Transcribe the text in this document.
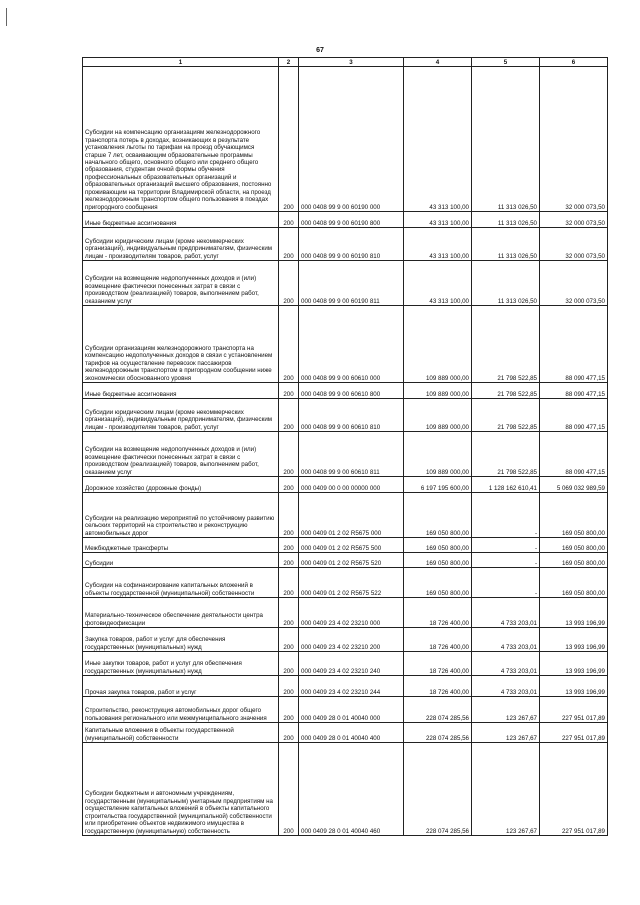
67
1	2	3	4	5	6
Субсидии на компенсацию организациям железнодорожного транспорта потерь в доходах, возникающих в результате установления льготы по тарифам на проезд обучающимся старше 7 лет, осваивающим образовательные программы начального общего, основного общего или среднего общего образования, студентам очной формы обучения профессиональных образовательных организаций и образовательных организаций высшего образования, постоянно проживающим на территории Владимирской области, на проезд железнодорожным транспортом общего пользования в поездах пригородного сообщения	200	000 0408 99 9 00 60190 000	43 313 100,00	11 313 026,50	32 000 073,50
Иные бюджетные ассигнования	200	000 0408 99 9 00 60190 800	43 313 100,00	11 313 026,50	32 000 073,50
Субсидии юридическим лицам (кроме некоммерческих организаций), индивидуальным предпринимателям, физическим лицам - производителям товаров, работ, услуг	200	000 0408 99 9 00 60190 810	43 313 100,00	11 313 026,50	32 000 073,50
Субсидии на возмещение недополученных доходов и (или) возмещение фактически понесенных затрат в связи с производством (реализацией) товаров, выполнением работ, оказанием услуг	200	000 0408 99 9 00 60190 811	43 313 100,00	11 313 026,50	32 000 073,50
Субсидии организациям железнодорожного транспорта на компенсацию недополученных доходов в связи с установлением тарифов на осуществление перевозок пассажиров железнодорожным транспортом в пригородном сообщении ниже экономически обоснованного уровня	200	000 0408 99 9 00 60610 000	109 889 000,00	21 798 522,85	88 090 477,15
Иные бюджетные ассигнования	200	000 0408 99 9 00 60610 800	109 889 000,00	21 798 522,85	88 090 477,15
Субсидии юридическим лицам (кроме некоммерческих организаций), индивидуальным предпринимателям, физическим лицам - производителям товаров, работ, услуг	200	000 0408 99 9 00 60610 810	109 889 000,00	21 798 522,85	88 090 477,15
Субсидии на возмещение недополученных доходов и (или) возмещение фактически понесенных затрат в связи с производством (реализацией) товаров, выполнением работ, оказанием услуг	200	000 0408 99 9 00 60610 811	109 889 000,00	21 798 522,85	88 090 477,15
Дорожное хозяйство (дорожные фонды)	200	000 0409 00 0 00 00000 000	6 197 195 600,00	1 128 162 610,41	5 069 032 989,59
Субсидии на реализацию мероприятий по устойчивому развитию сельских территорий на строительство и реконструкцию автомобильных дорог	200	000 0409 01 2 02 R5675 000	169 050 800,00	-	169 050 800,00
Межбюджетные трансферты	200	000 0409 01 2 02 R5675 500	169 050 800,00	-	169 050 800,00
Субсидии	200	000 0409 01 2 02 R5675 520	169 050 800,00	-	169 050 800,00
Субсидии на софинансирование капитальных вложений в объекты государственной (муниципальной) собственности	200	000 0409 01 2 02 R5675 522	169 050 800,00	-	169 050 800,00
Материально-техническое обеспечение деятельности центра фотовидеофиксации	200	000 0409 23 4 02 23210 000	18 726 400,00	4 733 203,01	13 993 196,99
Закупка товаров, работ и услуг для обеспечения государственных (муниципальных) нужд	200	000 0409 23 4 02 23210 200	18 726 400,00	4 733 203,01	13 993 196,99
Иные закупки товаров, работ и услуг для обеспечения государственных (муниципальных) нужд	200	000 0409 23 4 02 23210 240	18 726 400,00	4 733 203,01	13 993 196,99
Прочая закупка товаров, работ и услуг	200	000 0409 23 4 02 23210 244	18 726 400,00	4 733 203,01	13 993 196,99
Строительство, реконструкция автомобильных дорог общего пользования регионального или межмуниципального значения	200	000 0409 28 0 01 40040 000	228 074 285,56	123 267,67	227 951 017,89
Капитальные вложения в объекты государственной (муниципальной) собственности	200	000 0409 28 0 01 40040 400	228 074 285,56	123 267,67	227 951 017,89
Субсидии бюджетным и автономным учреждениям, государственным (муниципальным) унитарным предприятиям на осуществление капитальных вложений в объекты капитального строительства государственной (муниципальной) собственности или приобретение объектов недвижимого имущества в государственную (муниципальную) собственность	200	000 0409 28 0 01 40040 460	228 074 285,56	123 267,67	227 951 017,89
